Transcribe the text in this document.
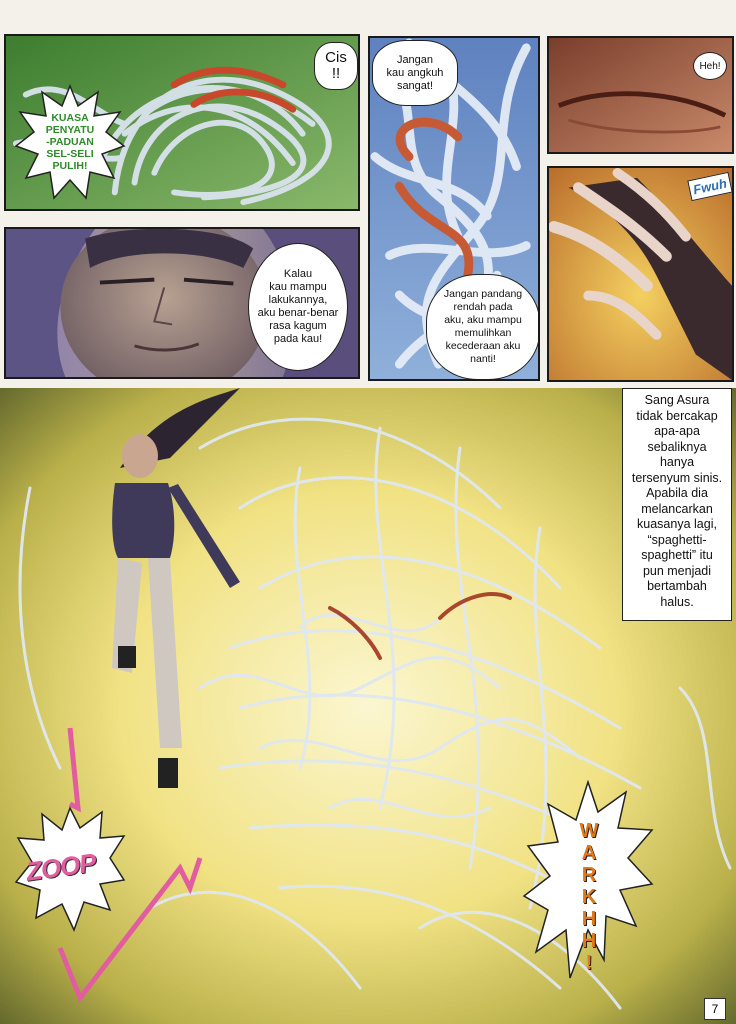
KUASA
PENYATU
-PADUAN
SEL-SELI
PULIH!
Cis
!!
Kalau
kau mampu
lakukannya,
aku benar-benar
rasa kagum
pada kau!
Jangan
kau angkuh
sangat!
Jangan pandang
rendah pada
aku, aku mampu
memulihkan
kecederaan aku
nanti!
Heh!
Fwuh
Sang Asura
tidak bercakap
apa-apa
sebaliknya
hanya
tersenyum sinis.
Apabila dia
melancarkan
kuasanya lagi,
“spaghetti-
spaghetti” itu
pun menjadi
bertambah
halus.
ZOOP	WARKHH!
7
